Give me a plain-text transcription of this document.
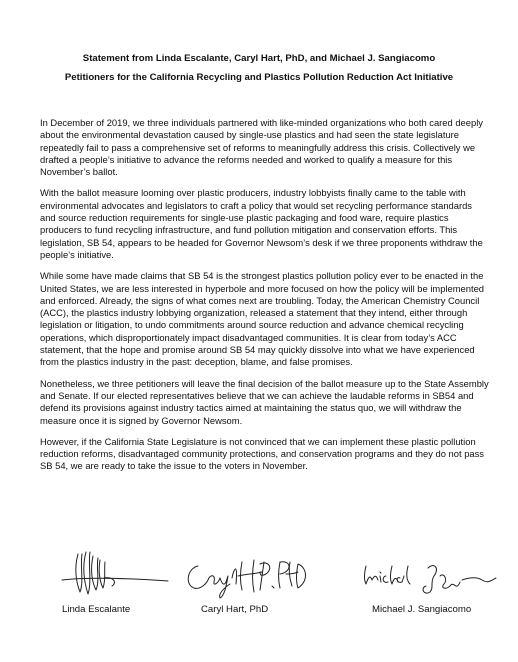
Statement from Linda Escalante, Caryl Hart, PhD, and Michael J. Sangiacomo

Petitioners for the California Recycling and Plastics Pollution Reduction Act Initiative

In December of 2019, we three individuals partnered with like-minded organizations who both cared deeply about the environmental devastation caused by single-use plastics and had seen the state legislature repeatedly fail to pass a comprehensive set of reforms to meaningfully address this crisis. Collectively we drafted a people’s initiative to advance the reforms needed and worked to qualify a measure for this November’s ballot.

With the ballot measure looming over plastic producers, industry lobbyists finally came to the table with environmental advocates and legislators to craft a policy that would set recycling performance standards and source reduction requirements for single-use plastic packaging and food ware, require plastics producers to fund recycling infrastructure, and fund pollution mitigation and conservation efforts. This legislation, SB 54, appears to be headed for Governor Newsom’s desk if we three proponents withdraw the people’s initiative.

While some have made claims that SB 54 is the strongest plastics pollution policy ever to be enacted in the United States, we are less interested in hyperbole and more focused on how the policy will be implemented and enforced. Already, the signs of what comes next are troubling. Today, the American Chemistry Council (ACC), the plastics industry lobbying organization, released a statement that they intend, either through legislation or litigation, to undo commitments around source reduction and advance chemical recycling operations, which disproportionately impact disadvantaged communities. It is clear from today’s ACC statement, that the hope and promise around SB 54 may quickly dissolve into what we have experienced from the plastics industry in the past: deception, blame, and false promises.

Nonetheless, we three petitioners will leave the final decision of the ballot measure up to the State Assembly and Senate. If our elected representatives believe that we can achieve the laudable reforms in SB54 and defend its provisions against industry tactics aimed at maintaining the status quo, we will withdraw the measure once it is signed by Governor Newsom.

However, if the California State Legislature is not convinced that we can implement these plastic pollution reduction reforms, disadvantaged community protections, and conservation programs and they do not pass SB 54, we are ready to take the issue to the voters in November.

Linda Escalante	Caryl Hart, PhD	Michael J. Sangiacomo
